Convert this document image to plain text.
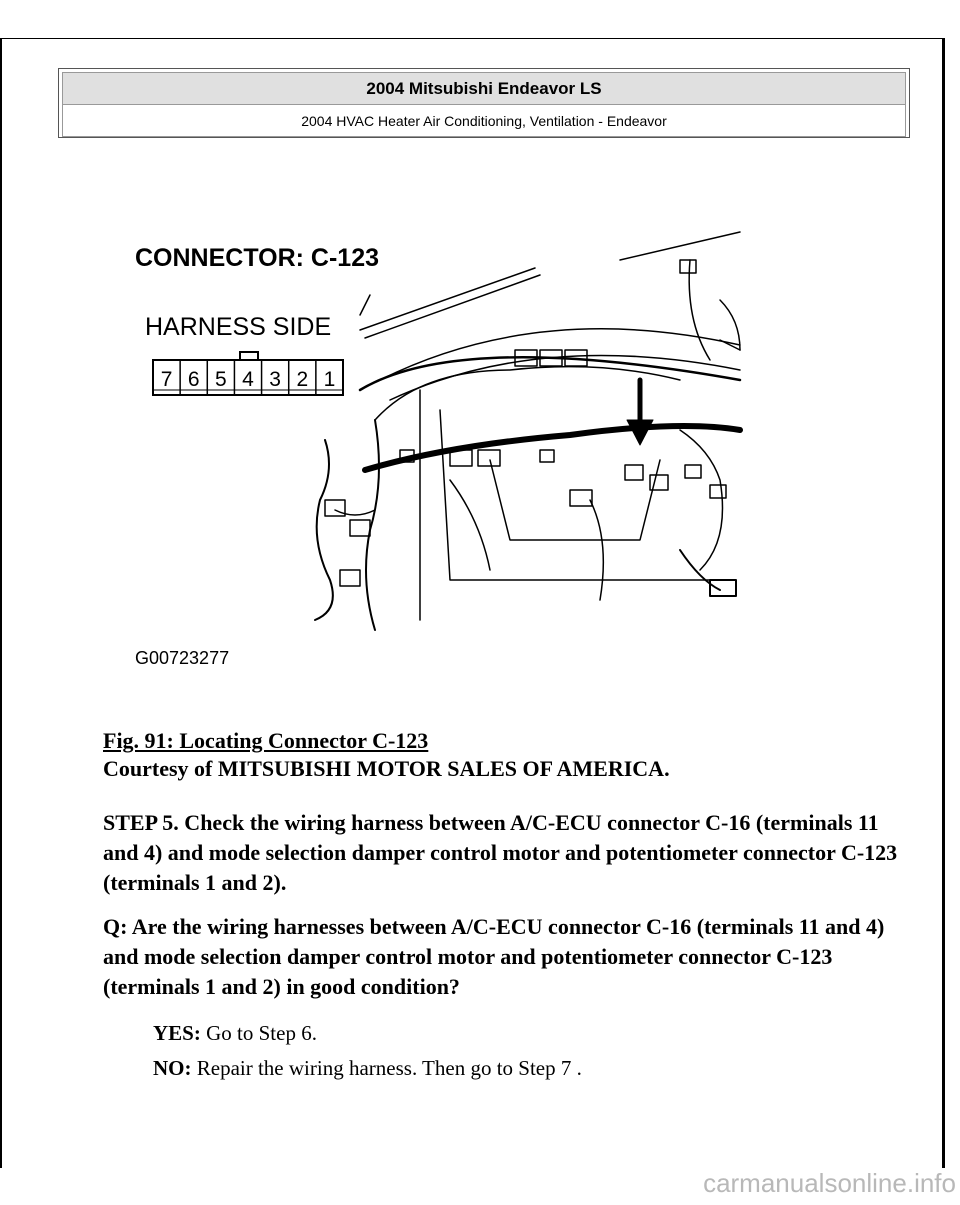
2004 Mitsubishi Endeavor LS
2004 HVAC Heater Air Conditioning, Ventilation - Endeavor
CONNECTOR: C-123
HARNESS SIDE
7 6 5 4 3 2 1
G00723277
Fig. 91: Locating Connector C-123
Courtesy of MITSUBISHI MOTOR SALES OF AMERICA.
STEP 5. Check the wiring harness between A/C-ECU connector C-16 (terminals 11 and 4) and mode selection damper control motor and potentiometer connector C-123 (terminals 1 and 2).
Q: Are the wiring harnesses between A/C-ECU connector C-16 (terminals 11 and 4) and mode selection damper control motor and potentiometer connector C-123 (terminals 1 and 2) in good condition?
YES: Go to Step 6.
NO: Repair the wiring harness. Then go to Step 7 .
carmanualsonline.info
